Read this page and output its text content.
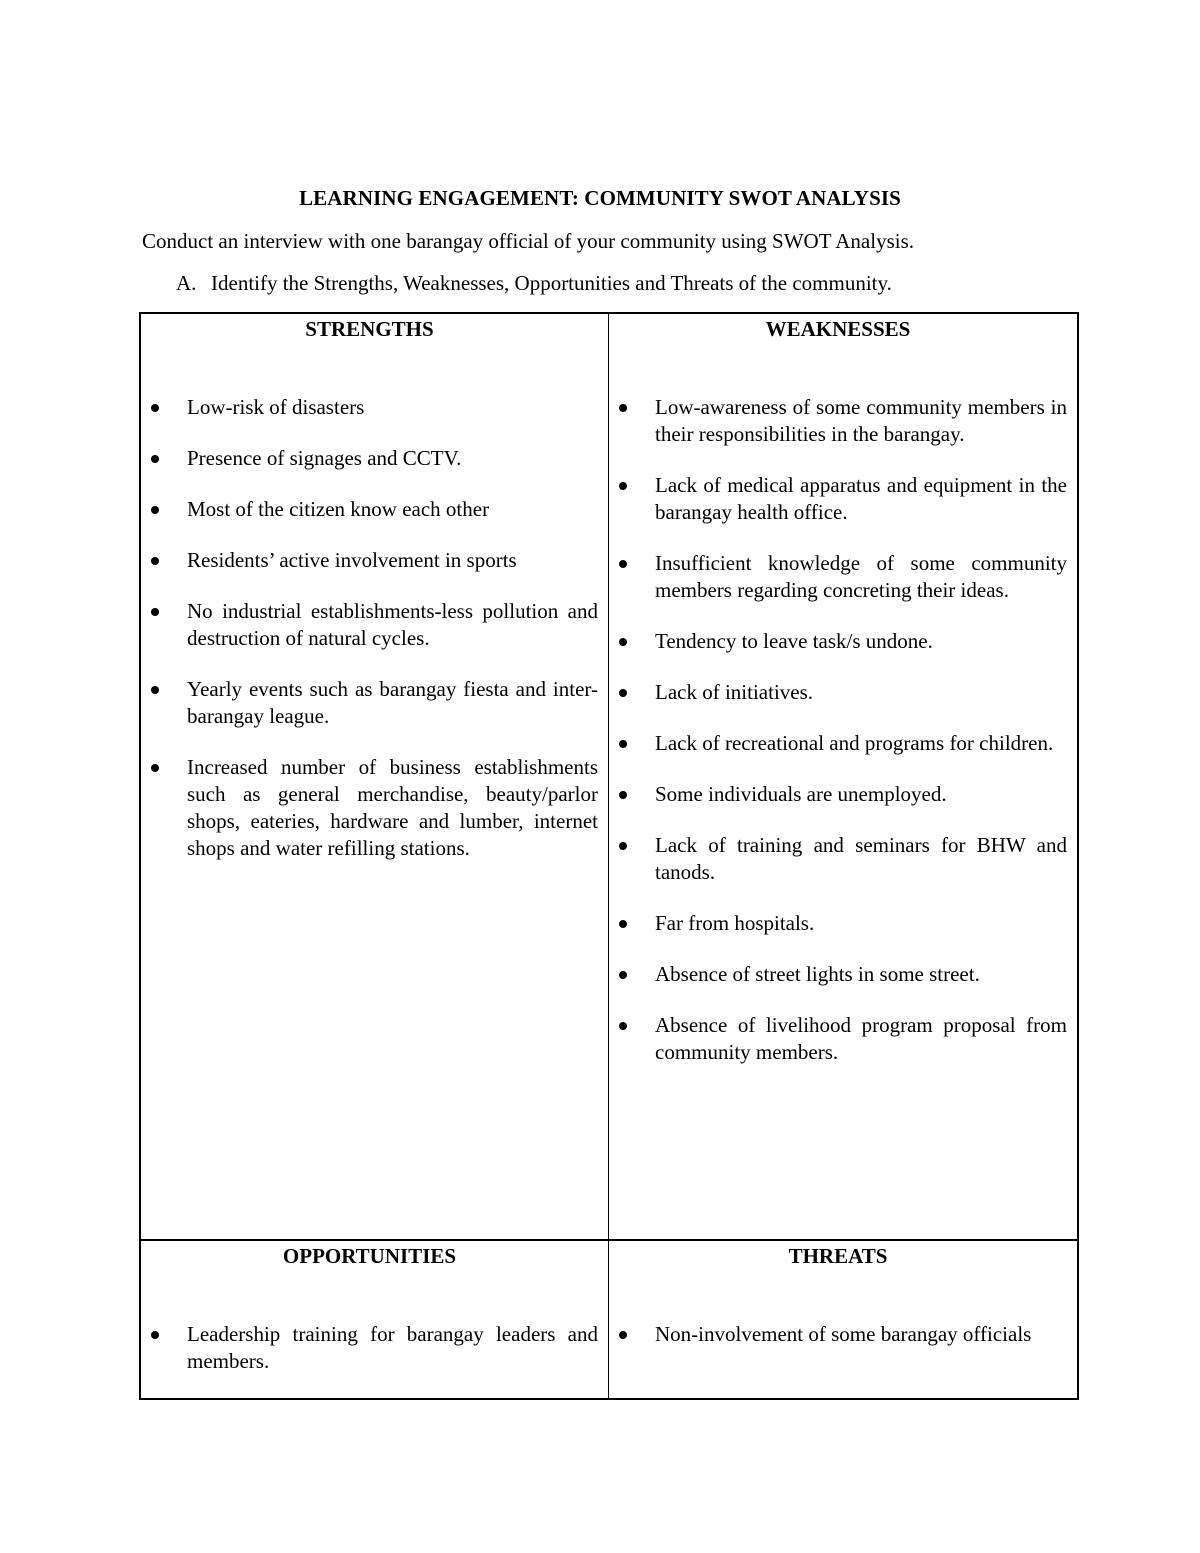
LEARNING ENGAGEMENT: COMMUNITY SWOT ANALYSIS
Conduct an interview with one barangay official of your community using SWOT Analysis.
A. Identify the Strengths, Weaknesses, Opportunities and Threats of the community.
STRENGTHS
Low-risk of disasters
Presence of signages and CCTV.
Most of the citizen know each other
Residents’ active involvement in sports
No industrial establishments-less pollution and destruction of natural cycles.
Yearly events such as barangay fiesta and inter-barangay league.
Increased number of business establishments such as general merchandise, beauty/parlor shops, eateries, hardware and lumber, internet shops and water refilling stations.
WEAKNESSES
Low-awareness of some community members in their responsibilities in the barangay.
Lack of medical apparatus and equipment in the barangay health office.
Insufficient knowledge of some community members regarding concreting their ideas.
Tendency to leave task/s undone.
Lack of initiatives.
Lack of recreational and programs for children.
Some individuals are unemployed.
Lack of training and seminars for BHW and tanods.
Far from hospitals.
Absence of street lights in some street.
Absence of livelihood program proposal from community members.
OPPORTUNITIES
Leadership training for barangay leaders and members.
THREATS
Non-involvement of some barangay officials
